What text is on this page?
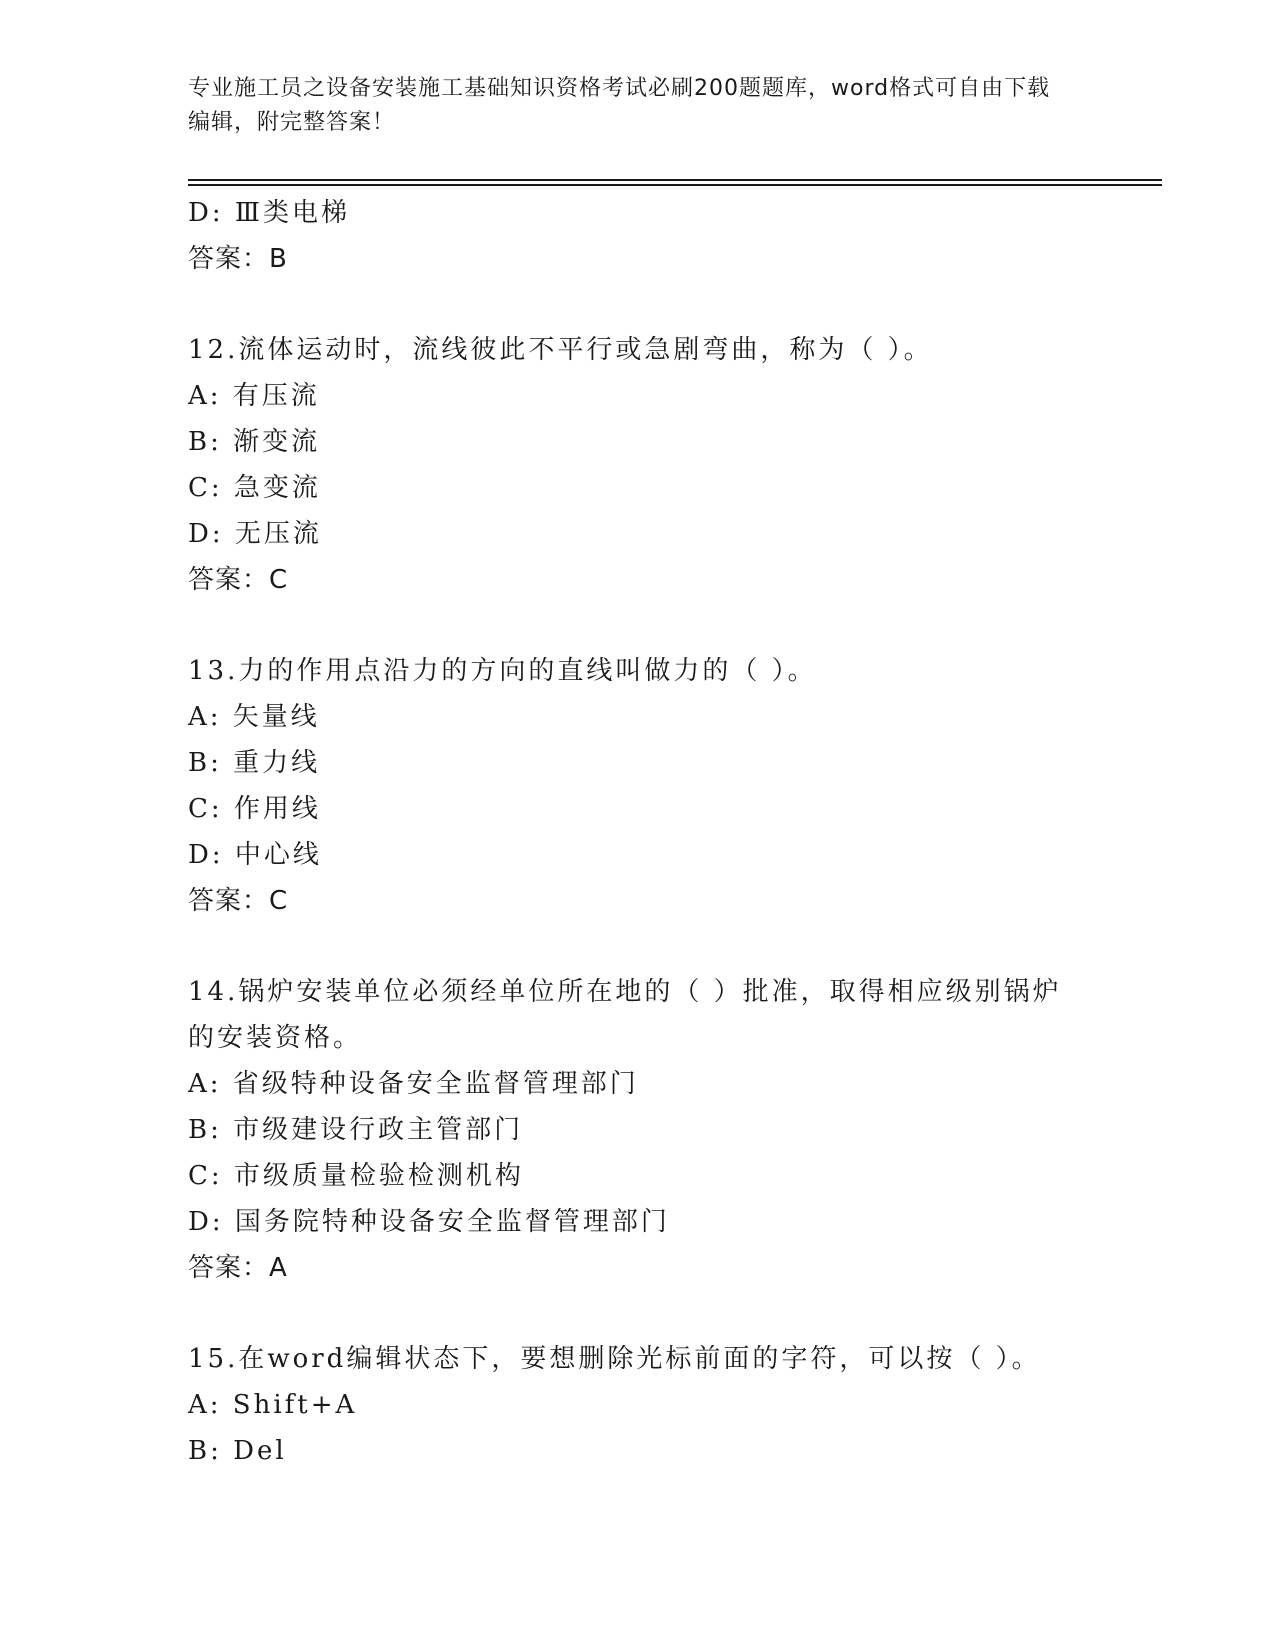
专业施工员之设备安装施工基础知识资格考试必刷200题题库，word格式可自由下载编辑，附完整答案！
D: Ⅲ类电梯
答案：B
12.流体运动时，流线彼此不平行或急剧弯曲，称为（ ）。
A: 有压流
B: 渐变流
C: 急变流
D: 无压流
答案：C
13.力的作用点沿力的方向的直线叫做力的（ ）。
A: 矢量线
B: 重力线
C: 作用线
D: 中心线
答案：C
14.锅炉安装单位必须经单位所在地的（ ）批准，取得相应级别锅炉
的安装资格。
A: 省级特种设备安全监督管理部门
B: 市级建设行政主管部门
C: 市级质量检验检测机构
D: 国务院特种设备安全监督管理部门
答案：A
15.在word编辑状态下，要想删除光标前面的字符，可以按（ ）。
A: Shift+A
B: Del
